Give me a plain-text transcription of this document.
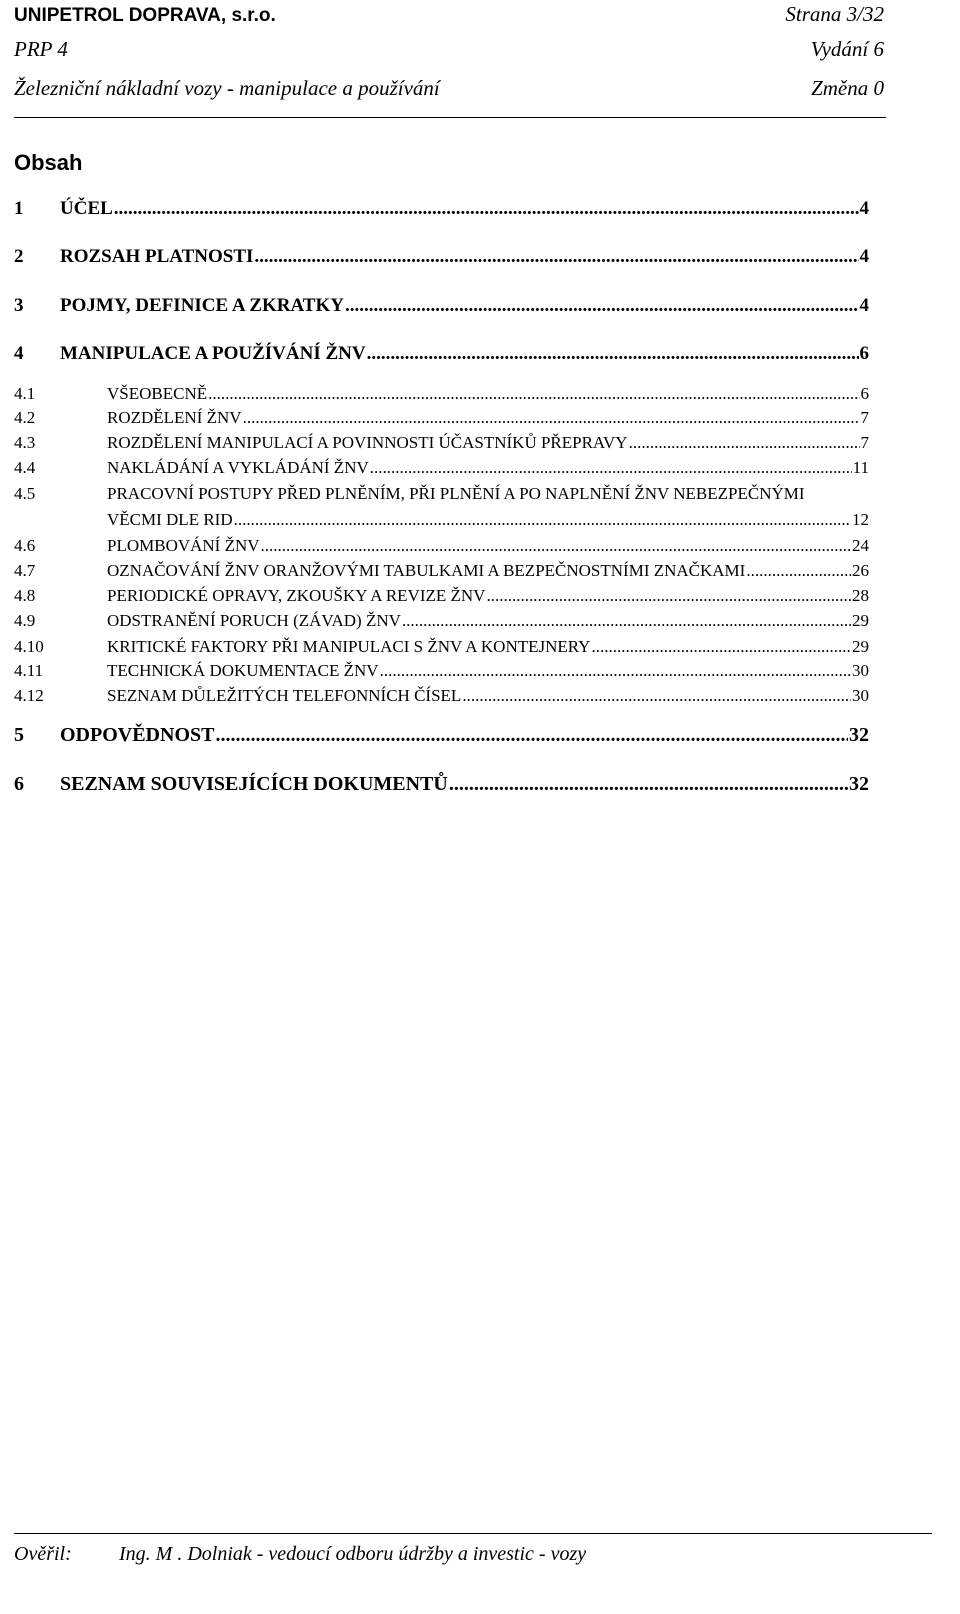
UNIPETROL DOPRAVA, s.r.o.	Strana 3/32
PRP 4	Vydání 6
Železniční nákladní vozy - manipulace a používání	Změna 0
Obsah
1	ÚČEL .....	4
2	ROZSAH PLATNOSTI .....	4
3	POJMY, DEFINICE A ZKRATKY .....	4
4	MANIPULACE A POUŽÍVÁNÍ ŽNV .....	6
4.1	VŠEOBECNĚ .....	6
4.2	ROZDĚLENÍ ŽNV .....	7
4.3	ROZDĚLENÍ MANIPULACÍ A POVINNOSTI ÚČASTNÍKŮ PŘEPRAVY .....	7
4.4	NAKLÁDÁNÍ A VYKLÁDÁNÍ ŽNV .....	11
4.5	PRACOVNÍ POSTUPY PŘED PLNĚNÍM, PŘI PLNĚNÍ A PO NAPLNĚNÍ ŽNV NEBEZPEČNÝMI
VĚCMI DLE RID .....	12
4.6	PLOMBOVÁNÍ ŽNV .....	24
4.7	OZNAČOVÁNÍ ŽNV ORANŽOVÝMI TABULKAMI A BEZPEČNOSTNÍMI ZNAČKAMI .....	26
4.8	PERIODICKÉ OPRAVY, ZKOUŠKY A REVIZE ŽNV .....	28
4.9	ODSTRANĚNÍ PORUCH (ZÁVAD) ŽNV .....	29
4.10	KRITICKÉ FAKTORY PŘI MANIPULACI S ŽNV A KONTEJNERY .....	29
4.11	TECHNICKÁ DOKUMENTACE ŽNV .....	30
4.12	SEZNAM DŮLEŽITÝCH TELEFONNÍCH ČÍSEL .....	30
5	ODPOVĚDNOST .....	32
6	SEZNAM SOUVISEJÍCÍCH DOKUMENTŮ .....	32
Ověřil: Ing. M . Dolniak - vedoucí odboru údržby a investic - vozy
